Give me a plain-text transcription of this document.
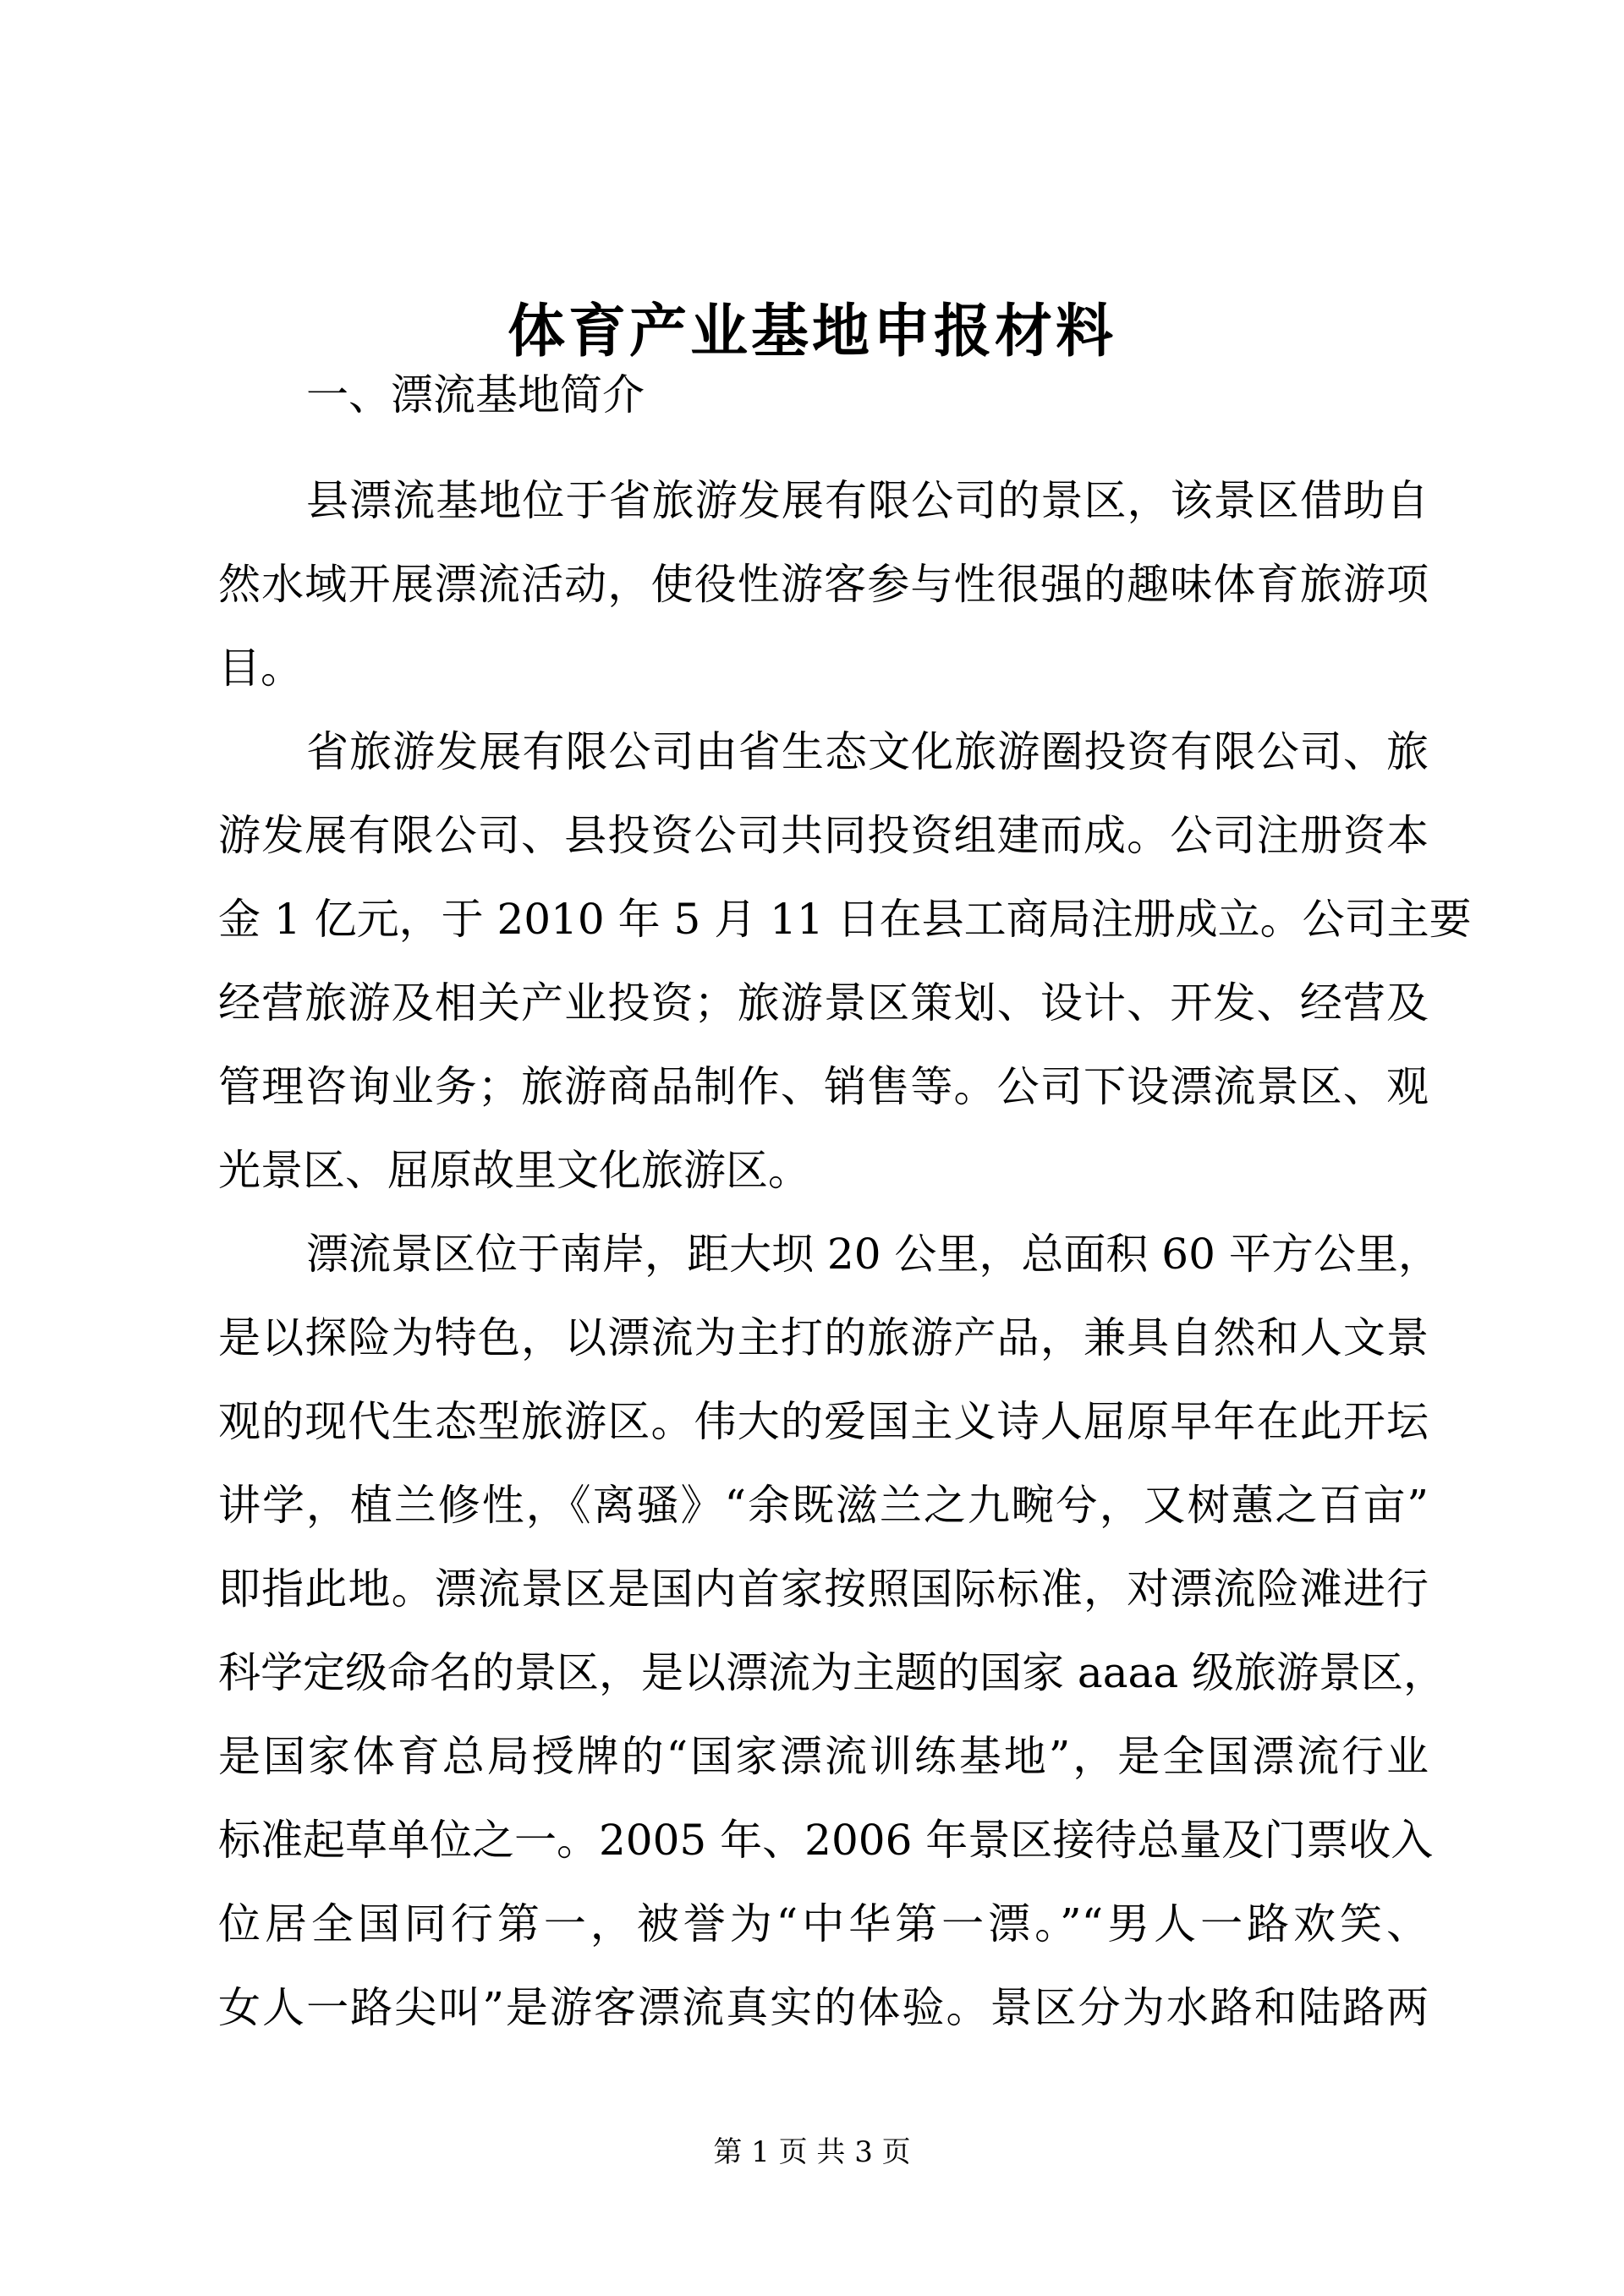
体育产业基地申报材料
一、漂流基地简介
县漂流基地位于省旅游发展有限公司的景区，该景区借助自
然水域开展漂流活动，使役性游客参与性很强的趣味体育旅游项
目。
省旅游发展有限公司由省生态文化旅游圈投资有限公司、旅
游发展有限公司、县投资公司共同投资组建而成。公司注册资本
金 1 亿元，于 2010 年 5 月 11 日在县工商局注册成立。公司主要
经营旅游及相关产业投资；旅游景区策划、设计、开发、经营及
管理咨询业务；旅游商品制作、销售等。公司下设漂流景区、观
光景区、屈原故里文化旅游区。
漂流景区位于南岸，距大坝 20 公里，总面积 60 平方公里，
是以探险为特色，以漂流为主打的旅游产品，兼具自然和人文景
观的现代生态型旅游区。伟大的爱国主义诗人屈原早年在此开坛
讲学，植兰修性，《离骚》“余既滋兰之九畹兮，又树蕙之百亩”
即指此地。漂流景区是国内首家按照国际标准，对漂流险滩进行
科学定级命名的景区，是以漂流为主题的国家 aaaa 级旅游景区，
是国家体育总局授牌的“国家漂流训练基地”，是全国漂流行业
标准起草单位之一。2005 年、2006 年景区接待总量及门票收入
位居全国同行第一，被誉为“中华第一漂。”“男人一路欢笑、
女人一路尖叫”是游客漂流真实的体验。景区分为水路和陆路两
第 1 页 共 3 页
